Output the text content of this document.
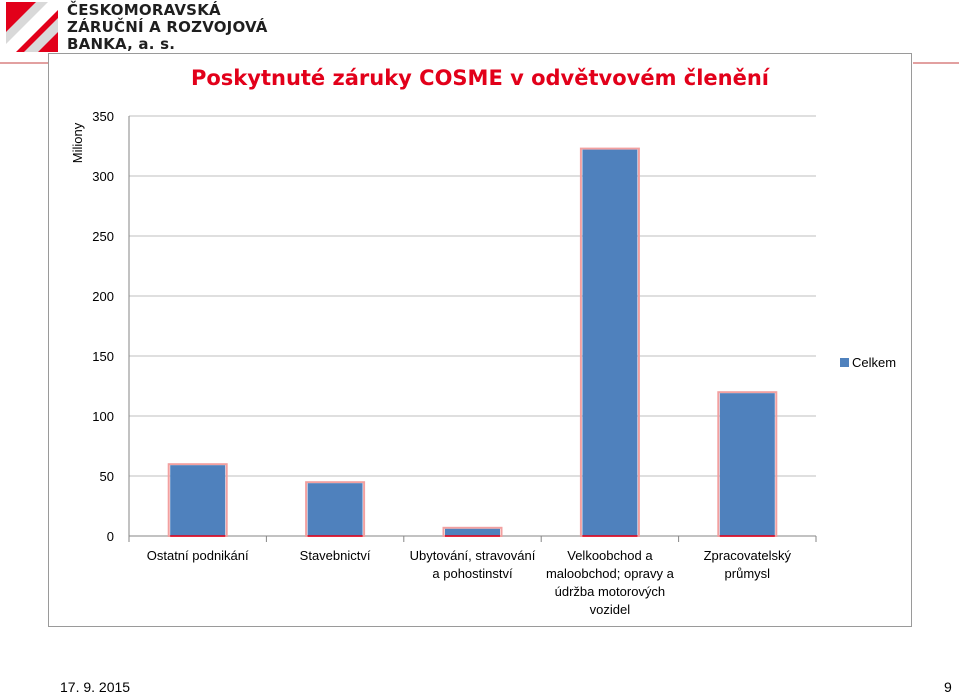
ČESKOMORAVSKÁ
ZÁRUČNÍ A ROZVOJOVÁ
BANKA, a. s.
Poskytnuté záruky COSME v odvětvovém členění
0
50
100
150
200
250
300
350
Miliony
Ostatní podnikání	Stavebnictví	Ubytování, stravování
a pohostinství
Velkoobchod a
maloobchod; opravy a
údržba motorových
vozidel
Zpracovatelský
průmysl
Celkem
17. 9. 2015	9
